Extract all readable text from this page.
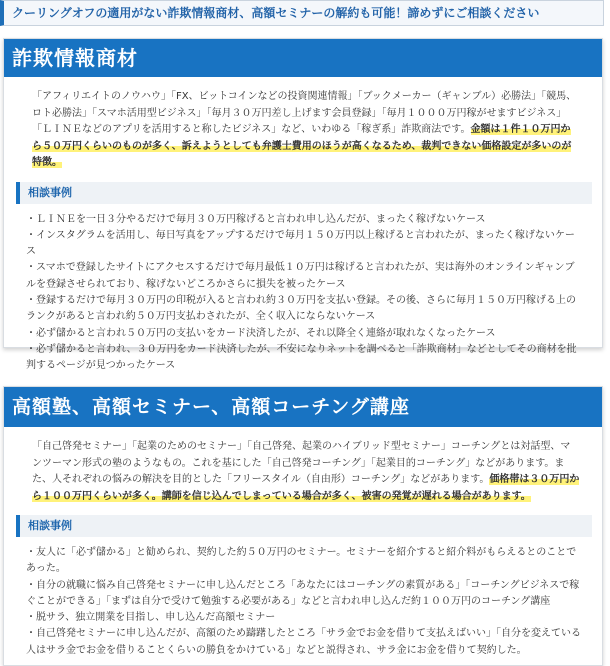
クーリングオフの適用がない詐欺情報商材、高額セミナーの解約も可能！諦めずにご相談ください
詐欺情報商材

「アフィリエイトのノウハウ」「FX、ビットコインなどの投資関連情報」「ブックメーカー（ギャンブル）必勝法」「競馬、ロト必勝法」「スマホ活用型ビジネス」「毎月３０万円差し上げます会員登録」「毎月１０００万円稼がせますビジネス」「ＬＩＮＥなどのアプリを活用すると称したビジネス」など、いわゆる「稼ぎ系」詐欺商法です。金額は１件１０万円から５０万円くらいのものが多く、訴えようとしても弁護士費用のほうが高くなるため、裁判できない価格設定が多いのが特徴。

相談事例
・ＬＩＮＥを一日３分やるだけで毎月３０万円稼げると言われ申し込んだが、まったく稼げないケース
・インスタグラムを活用し、毎日写真をアップするだけで毎月１５０万円以上稼げると言われたが、まったく稼げないケース
・スマホで登録したサイトにアクセスするだけで毎月最低１０万円は稼げると言われたが、実は海外のオンラインギャンブルを登録させられており、稼げないどころかさらに損失を被ったケース
・登録するだけで毎月３０万円の印税が入ると言われ約３０万円を支払い登録。その後、さらに毎月１５０万円稼げる上のランクがあると言われ約５０万円支払わされたが、全く収入にならないケース
・必ず儲かると言われ５０万円の支払いをカード決済したが、それ以降全く連絡が取れなくなったケース
・必ず儲かると言われ、３０万円をカード決済したが、不安になりネットを調べると「詐欺商材」などとしてその商材を批判するページが見つかったケース
高額塾、高額セミナー、高額コーチング講座

「自己啓発セミナー」「起業のためのセミナー」「自己啓発、起業のハイブリッド型セミナー」コーチングとは対話型、マンツーマン形式の塾のようなもの。これを基にした「自己啓発コーチング」「起業目的コーチング」などがあります。また、人それぞれの悩みの解決を目的とした「フリースタイル（自由形）コーチング」などがあります。価格帯は３０万円から１００万円くらいが多く。講師を信じ込んでしまっている場合が多く、被害の発覚が遅れる場合があります。

相談事例
・友人に「必ず儲かる」と勧められ、契約した約５０万円のセミナー。セミナーを紹介すると紹介料がもらえるとのことであった。
・自分の就職に悩み自己啓発セミナーに申し込んだところ「あなたにはコーチングの素質がある」「コーチングビジネスで稼ぐことができる」「まずは自分で受けて勉強する必要がある」などと言われ申し込んだ約１００万円のコーチング講座
・脱サラ、独立開業を目指し、申し込んだ高額セミナー
・自己啓発セミナーに申し込んだが、高額のため躊躇したところ「サラ金でお金を借りて支払えばいい」「自分を変えている人はサラ金でお金を借りることくらいの勝負をかけている」などと説得され、サラ金にお金を借りて契約した。
